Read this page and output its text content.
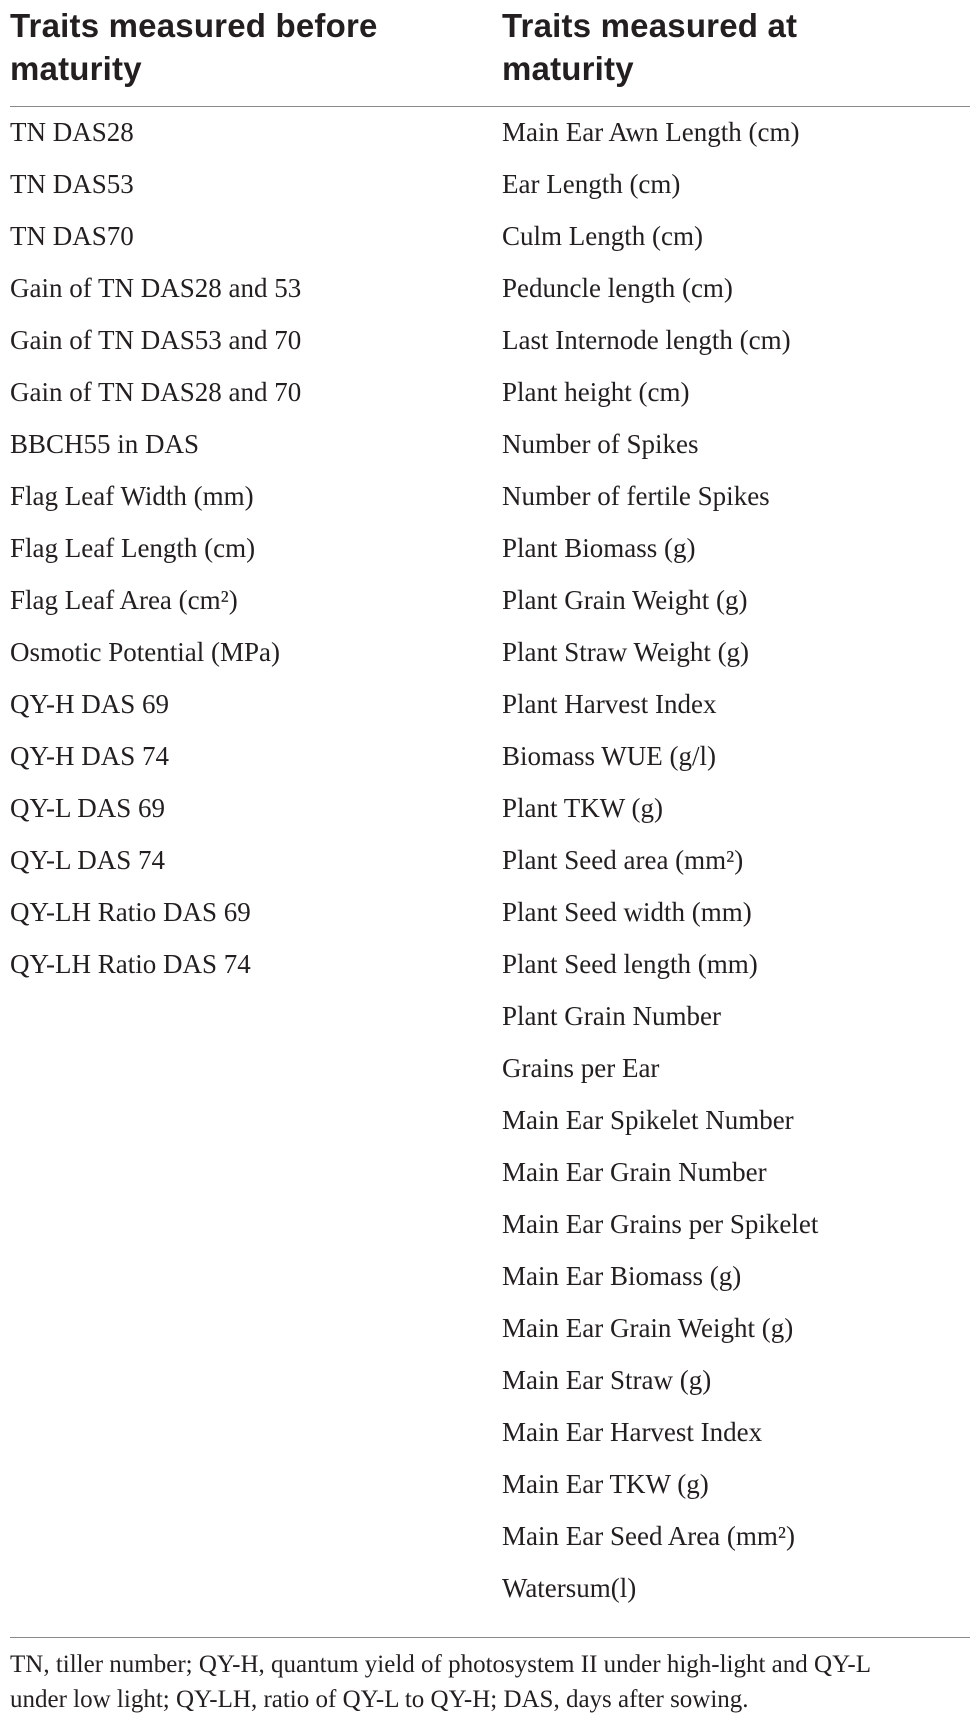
Traits measured before
maturity
Traits measured at
maturity
TN DAS28
TN DAS53
TN DAS70
Gain of TN DAS28 and 53
Gain of TN DAS53 and 70
Gain of TN DAS28 and 70
BBCH55 in DAS
Flag Leaf Width (mm)
Flag Leaf Length (cm)
Flag Leaf Area (cm²)
Osmotic Potential (MPa)
QY-H DAS 69
QY-H DAS 74
QY-L DAS 69
QY-L DAS 74
QY-LH Ratio DAS 69
QY-LH Ratio DAS 74
Main Ear Awn Length (cm)
Ear Length (cm)
Culm Length (cm)
Peduncle length (cm)
Last Internode length (cm)
Plant height (cm)
Number of Spikes
Number of fertile Spikes
Plant Biomass (g)
Plant Grain Weight (g)
Plant Straw Weight (g)
Plant Harvest Index
Biomass WUE (g/l)
Plant TKW (g)
Plant Seed area (mm²)
Plant Seed width (mm)
Plant Seed length (mm)
Plant Grain Number
Grains per Ear
Main Ear Spikelet Number
Main Ear Grain Number
Main Ear Grains per Spikelet
Main Ear Biomass (g)
Main Ear Grain Weight (g)
Main Ear Straw (g)
Main Ear Harvest Index
Main Ear TKW (g)
Main Ear Seed Area (mm²)
Watersum(l)
TN, tiller number; QY-H, quantum yield of photosystem II under high-light and QY-L
under low light; QY-LH, ratio of QY-L to QY-H; DAS, days after sowing.
